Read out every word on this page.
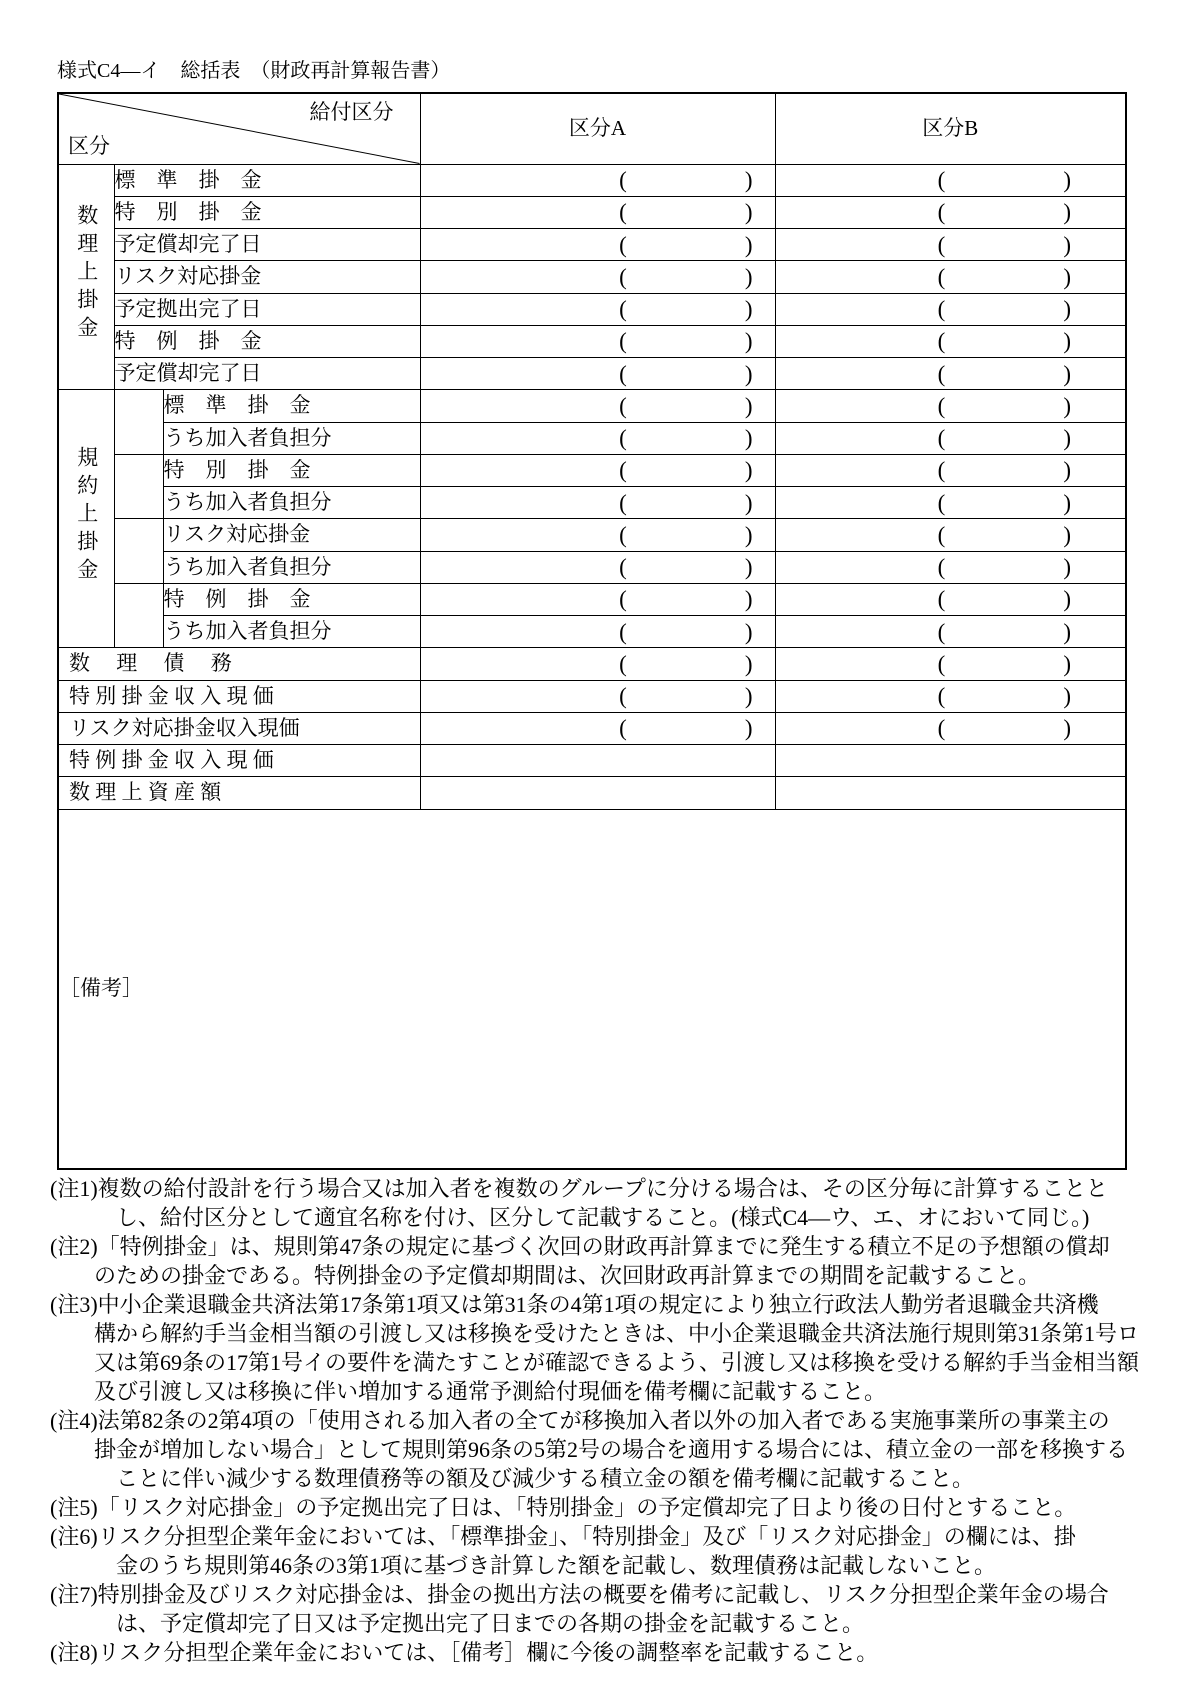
様式C4―イ　総括表　（財政再計算報告書）
給付区分
区分			区分A	区分B
数理上掛金	標　準　掛　金		( )	( )

	特　別　掛　金		( )	( )

	予定償却完了日		( )	( )

	リスク対応掛金		( )	( )

	予定拠出完了日		( )	( )

	特　例　掛　金		( )	( )

	予定償却完了日		( )	( )

規約上掛金		標　準　掛　金	( )	( )

		うち加入者負担分	( )	( )

		特　別　掛　金	( )	( )

		うち加入者負担分	( )	( )

		リスク対応掛金	( )	( )

		うち加入者負担分	( )	( )

		特　例　掛　金	( )	( )

		うち加入者負担分	( )	( )

数　 理　 債　 務			( )	( )

特 別 掛 金 収 入 現 価			( )	( )

リスク対応掛金収入現価			( )	( )

特 例 掛 金 収 入 現 価				
数 理 上 資 産 額				
［備考］				
(注1)複数の給付設計を行う場合又は加入者を複数のグループに分ける場合は、その区分毎に計算することと
　　　し、給付区分として適宜名称を付け、区分して記載すること。(様式C4―ウ、エ、オにおいて同じ。)
(注2)「特例掛金」は、規則第47条の規定に基づく次回の財政再計算までに発生する積立不足の予想額の償却
　　のための掛金である。特例掛金の予定償却期間は、次回財政再計算までの期間を記載すること。
(注3)中小企業退職金共済法第17条第1項又は第31条の4第1項の規定により独立行政法人勤労者退職金共済機
　　構から解約手当金相当額の引渡し又は移換を受けたときは、中小企業退職金共済法施行規則第31条第1号ロ
　　又は第69条の17第1号イの要件を満たすことが確認できるよう、引渡し又は移換を受ける解約手当金相当額
　　及び引渡し又は移換に伴い増加する通常予測給付現価を備考欄に記載すること。
(注4)法第82条の2第4項の「使用される加入者の全てが移換加入者以外の加入者である実施事業所の事業主の
　　掛金が増加しない場合」として規則第96条の5第2号の場合を適用する場合には、積立金の一部を移換する
　　　ことに伴い減少する数理債務等の額及び減少する積立金の額を備考欄に記載すること。
(注5)「リスク対応掛金」の予定拠出完了日は、「特別掛金」の予定償却完了日より後の日付とすること。
(注6)リスク分担型企業年金においては、「標準掛金」、「特別掛金」及び「リスク対応掛金」の欄には、掛
　　　金のうち規則第46条の3第1項に基づき計算した額を記載し、数理債務は記載しないこと。
(注7)特別掛金及びリスク対応掛金は、掛金の拠出方法の概要を備考に記載し、リスク分担型企業年金の場合
　　　は、予定償却完了日又は予定拠出完了日までの各期の掛金を記載すること。
(注8)リスク分担型企業年金においては、［備考］欄に今後の調整率を記載すること。
